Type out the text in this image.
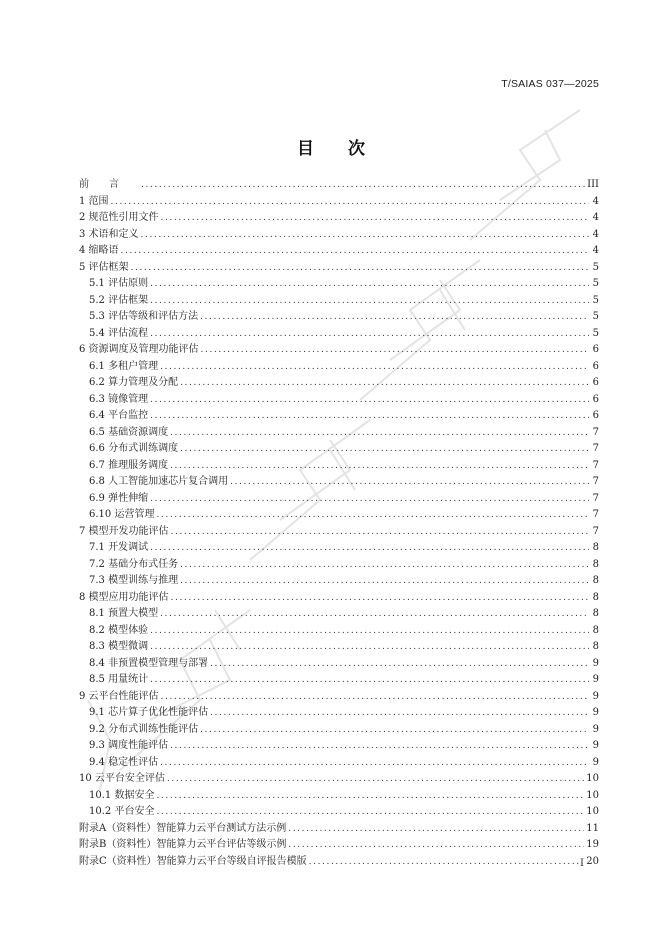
T/SAIAS 037—2025
目次
前言 .....	III
1 范围 .....	4
2 规范性引用文件 .....	4
3 术语和定义 .....	4
4 缩略语 .....	4
5 评估框架 .....	5
5.1 评估原则 .....	5
5.2 评估框架 .....	5
5.3 评估等级和评估方法 .....	5
5.4 评估流程 .....	5
6 资源调度及管理功能评估 .....	6
6.1 多租户管理 .....	6
6.2 算力管理及分配 .....	6
6.3 镜像管理 .....	6
6.4 平台监控 .....	6
6.5 基础资源调度 .....	7
6.6 分布式训练调度 .....	7
6.7 推理服务调度 .....	7
6.8 人工智能加速芯片复合调用 .....	7
6.9 弹性伸缩 .....	7
6.10 运营管理 .....	7
7 模型开发功能评估 .....	7
7.1 开发调试 .....	8
7.2 基础分布式任务 .....	8
7.3 模型训练与推理 .....	8
8 模型应用功能评估 .....	8
8.1 预置大模型 .....	8
8.2 模型体验 .....	8
8.3 模型微调 .....	8
8.4 非预置模型管理与部署 .....	9
8.5 用量统计 .....	9
9 云平台性能评估 .....	9
9.1 芯片算子优化性能评估 .....	9
9.2 分布式训练性能评估 .....	9
9.3 调度性能评估 .....	9
9.4 稳定性评估 .....	9
10 云平台安全评估 .....	10
10.1 数据安全 .....	10
10.2 平台安全 .....	10
附录A（资料性）智能算力云平台测试方法示例 .....	11
附录B（资料性）智能算力云平台评估等级示例 .....	19
附录C（资料性）智能算力云平台等级自评报告模版 .....	20
I
